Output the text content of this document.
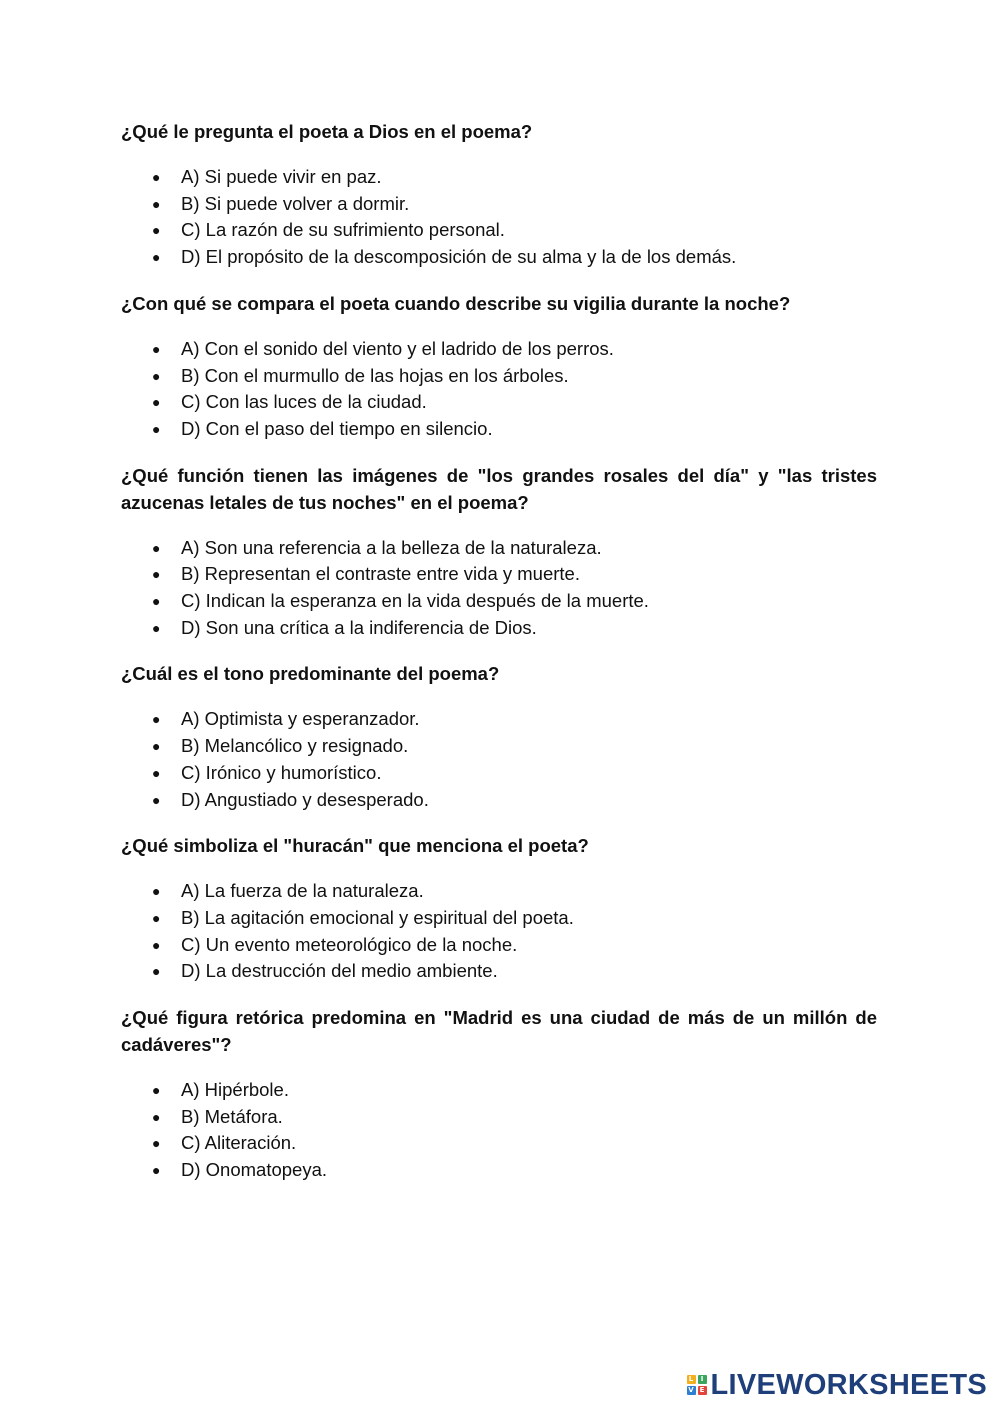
¿Qué le pregunta el poeta a Dios en el poema?

● A) Si puede vivir en paz.
● B) Si puede volver a dormir.
● C) La razón de su sufrimiento personal.
● D) El propósito de la descomposición de su alma y la de los demás.

¿Con qué se compara el poeta cuando describe su vigilia durante la noche?

● A) Con el sonido del viento y el ladrido de los perros.
● B) Con el murmullo de las hojas en los árboles.
● C) Con las luces de la ciudad.
● D) Con el paso del tiempo en silencio.

¿Qué función tienen las imágenes de "los grandes rosales del día" y "las tristes azucenas letales de tus noches" en el poema?

● A) Son una referencia a la belleza de la naturaleza.
● B) Representan el contraste entre vida y muerte.
● C) Indican la esperanza en la vida después de la muerte.
● D) Son una crítica a la indiferencia de Dios.

¿Cuál es el tono predominante del poema?

● A) Optimista y esperanzador.
● B) Melancólico y resignado.
● C) Irónico y humorístico.
● D) Angustiado y desesperado.

¿Qué simboliza el "huracán" que menciona el poeta?

● A) La fuerza de la naturaleza.
● B) La agitación emocional y espiritual del poeta.
● C) Un evento meteorológico de la noche.
● D) La destrucción del medio ambiente.

¿Qué figura retórica predomina en "Madrid es una ciudad de más de un millón de cadáveres"?

● A) Hipérbole.
● B) Metáfora.
● C) Aliteración.
● D) Onomatopeya.
L	I
V E LIVEWORKSHEETS
